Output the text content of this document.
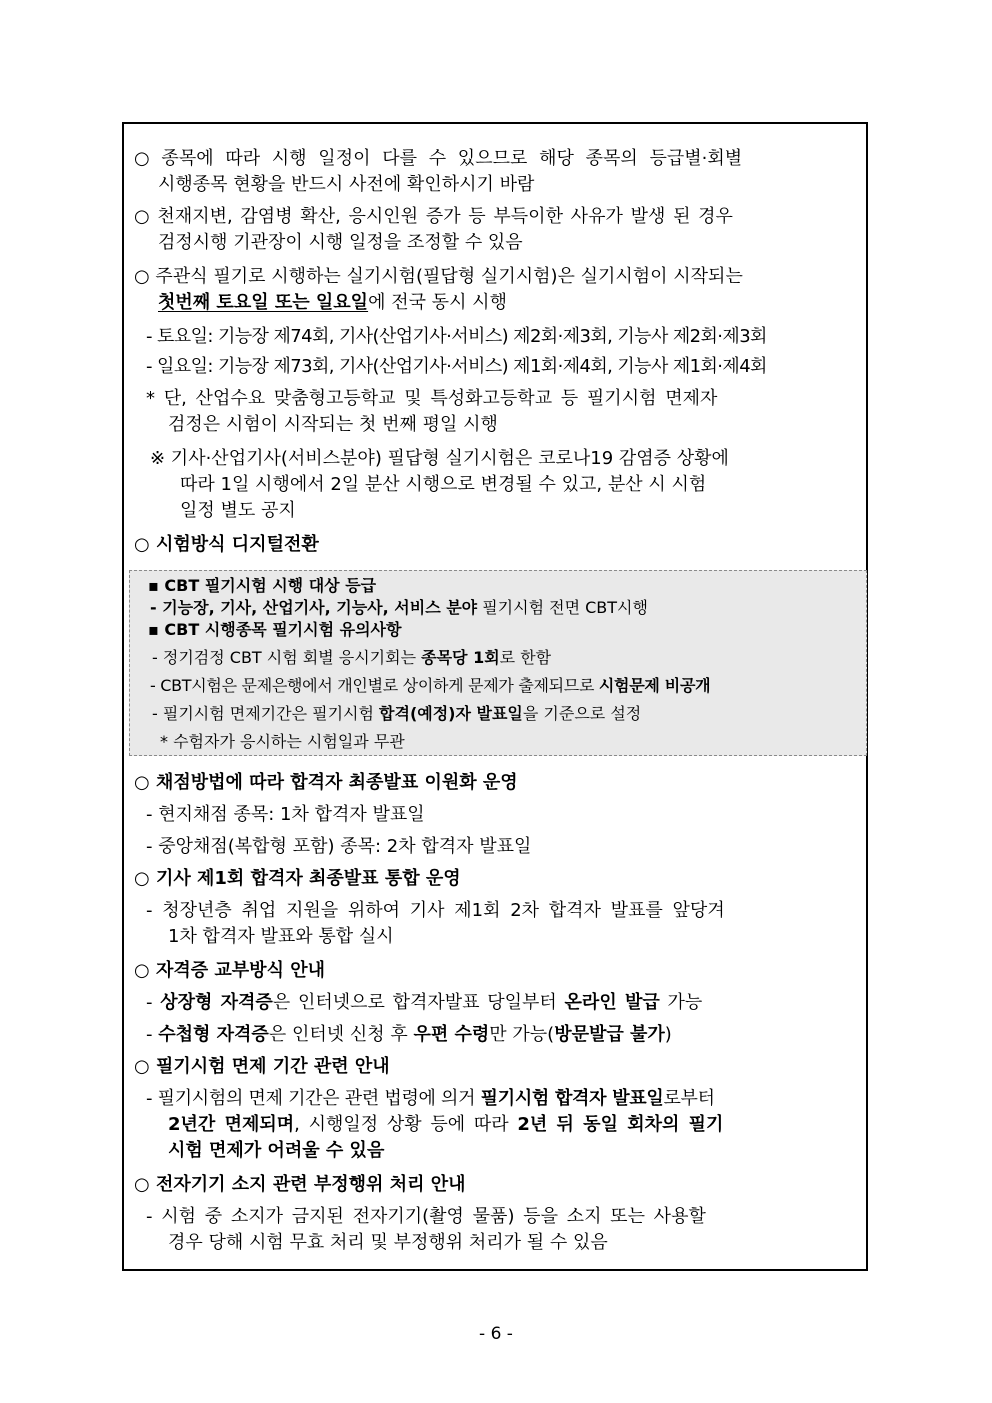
○ 종목에 따라 시행 일정이 다를 수 있으므로 해당 종목의 등급별·회별
시행종목 현황을 반드시 사전에 확인하시기 바람
○ 천재지변, 감염병 확산, 응시인원 증가 등 부득이한 사유가 발생 된 경우
검정시행 기관장이 시행 일정을 조정할 수 있음
○ 주관식 필기로 시행하는 실기시험(필답형 실기시험)은 실기시험이 시작되는
첫번째 토요일 또는 일요일에 전국 동시 시행
- 토요일: 기능장 제74회, 기사(산업기사·서비스) 제2회·제3회, 기능사 제2회·제3회
- 일요일: 기능장 제73회, 기사(산업기사·서비스) 제1회·제4회, 기능사 제1회·제4회
* 단, 산업수요 맞춤형고등학교 및 특성화고등학교 등 필기시험 면제자
검정은 시험이 시작되는 첫 번째 평일 시행
※ 기사·산업기사(서비스분야) 필답형 실기시험은 코로나19 감염증 상황에
따라 1일 시행에서 2일 분산 시행으로 변경될 수 있고, 분산 시 시험
일정 별도 공지
○ 시험방식 디지털전환
▪ CBT 필기시험 시행 대상 등급
- 기능장, 기사, 산업기사, 기능사, 서비스 분야 필기시험 전면 CBT시행
▪ CBT 시행종목 필기시험 유의사항
- 정기검정 CBT 시험 회별 응시기회는 종목당 1회로 한함
- CBT시험은 문제은행에서 개인별로 상이하게 문제가 출제되므로 시험문제 비공개
- 필기시험 면제기간은 필기시험 합격(예정)자 발표일을 기준으로 설정
* 수험자가 응시하는 시험일과 무관
○ 채점방법에 따라 합격자 최종발표 이원화 운영
- 현지채점 종목: 1차 합격자 발표일
- 중앙채점(복합형 포함) 종목: 2차 합격자 발표일
○ 기사 제1회 합격자 최종발표 통합 운영
- 청장년층 취업 지원을 위하여 기사 제1회 2차 합격자 발표를 앞당겨
1차 합격자 발표와 통합 실시
○ 자격증 교부방식 안내
- 상장형 자격증은 인터넷으로 합격자발표 당일부터 온라인 발급 가능
- 수첩형 자격증은 인터넷 신청 후 우편 수령만 가능(방문발급 불가)
○ 필기시험 면제 기간 관련 안내
- 필기시험의 면제 기간은 관련 법령에 의거 필기시험 합격자 발표일로부터
2년간 면제되며, 시행일정 상황 등에 따라 2년 뒤 동일 회차의 필기
시험 면제가 어려울 수 있음
○ 전자기기 소지 관련 부정행위 처리 안내
- 시험 중 소지가 금지된 전자기기(촬영 물품) 등을 소지 또는 사용할
경우 당해 시험 무효 처리 및 부정행위 처리가 될 수 있음
- 6 -
